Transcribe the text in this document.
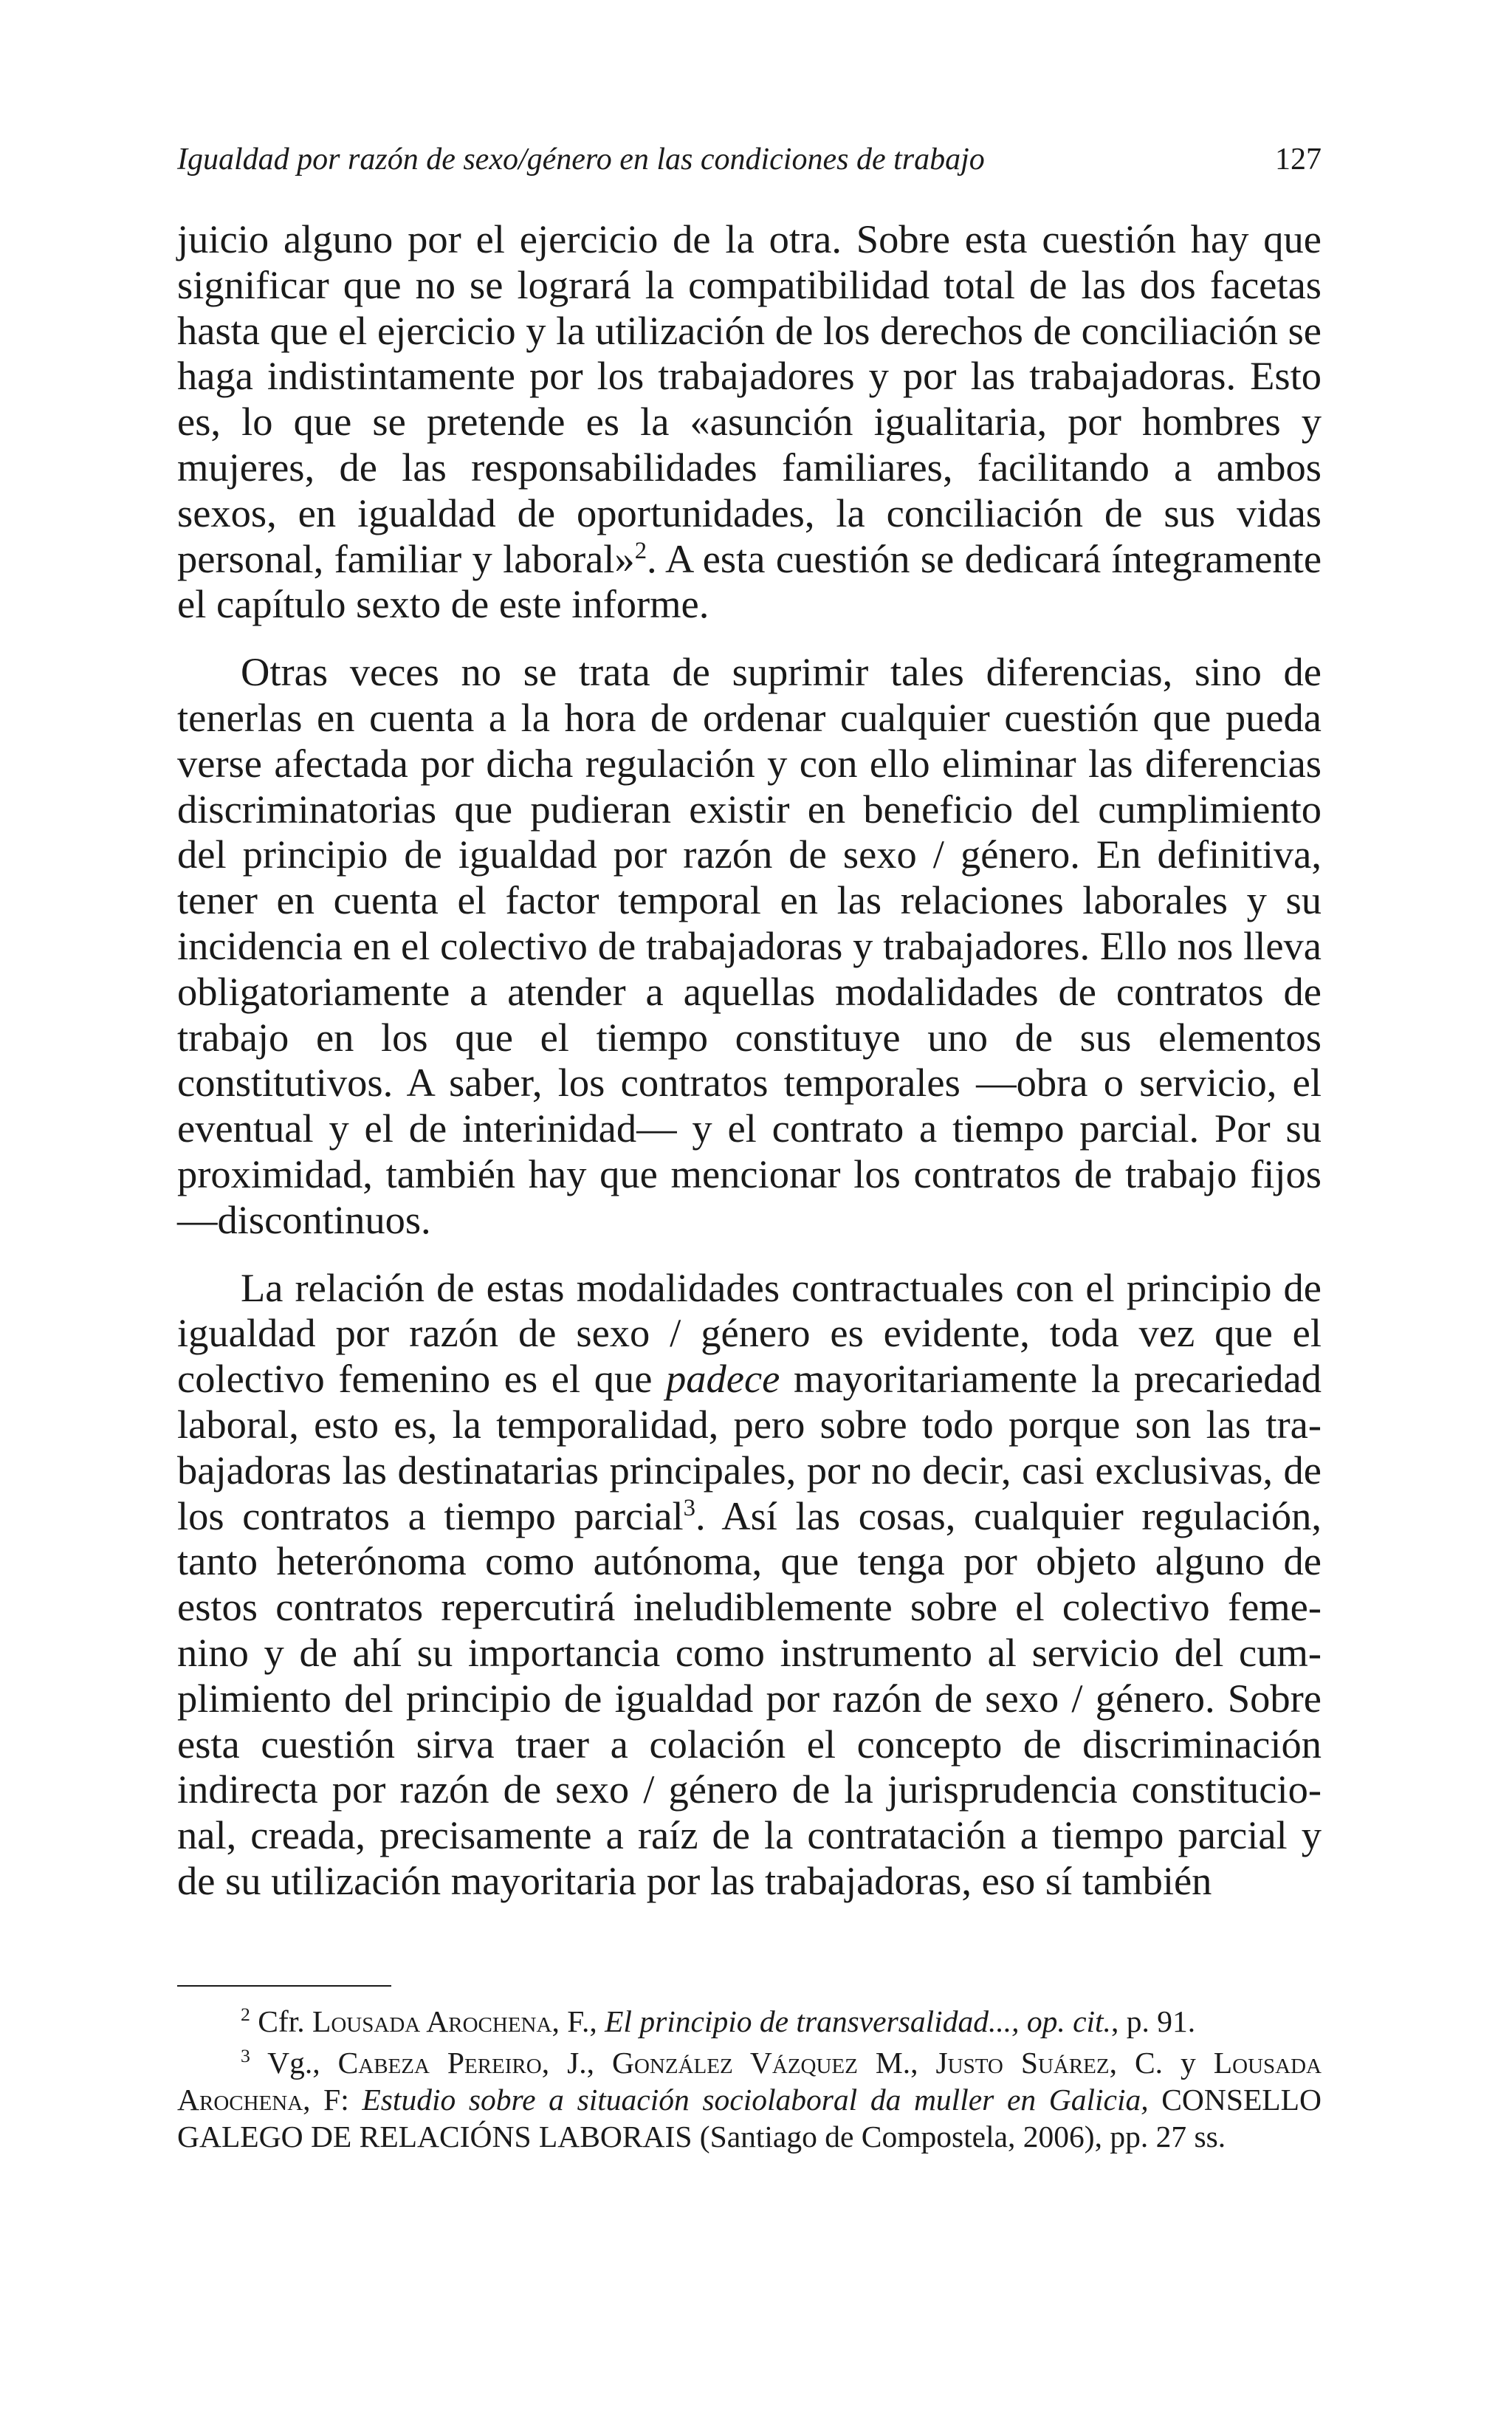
Igualdad por razón de sexo/género en las condiciones de trabajo	127

juicio alguno por el ejercicio de la otra. Sobre esta cuestión hay que significar que no se logrará la compatibilidad total de las dos facetas hasta que el ejercicio y la utilización de los derechos de conciliación se haga indistintamente por los trabajadores y por las trabajadoras. Esto es, lo que se pretende es la «asunción igualitaria, por hombres y mujeres, de las responsabilidades familiares, facilitando a ambos sexos, en igualdad de oportunidades, la conciliación de sus vidas personal, familiar y laboral»$^2$. A esta cuestión se dedicará íntegramente el capítulo sexto de este informe.

Otras veces no se trata de suprimir tales diferencias, sino de tenerlas en cuenta a la hora de ordenar cualquier cuestión que pueda verse afectada por dicha regulación y con ello eliminar las diferencias discriminatorias que pudieran existir en beneficio del cumplimiento del principio de igualdad por razón de sexo / género. En definitiva, tener en cuenta el factor temporal en las relaciones laborales y su incidencia en el colectivo de trabajadoras y trabajadores. Ello nos lleva obligatoriamente a atender a aquellas modalidades de contratos de trabajo en los que el tiempo constituye uno de sus elementos constitutivos. A saber, los contratos temporales —obra o servicio, el eventual y el de interinidad— y el contrato a tiempo parcial. Por su proximidad, también hay que mencionar los contratos de trabajo fijos—discontinuos.

La relación de estas modalidades contractuales con el principio de igualdad por razón de sexo / género es evidente, toda vez que el colectivo femenino es el que padece mayoritariamente la precariedad laboral, esto es, la temporalidad, pero sobre todo porque son las trabajadoras las destinatarias principales, por no decir, casi exclusivas, de los contratos a tiempo parcial$^3$. Así las cosas, cualquier regulación, tanto heterónoma como autónoma, que tenga por objeto alguno de estos contratos repercutirá ineludiblemente sobre el colectivo femenino y de ahí su importancia como instrumento al servicio del cumplimiento del principio de igualdad por razón de sexo / género. Sobre esta cuestión sirva traer a colación el concepto de discriminación indirecta por razón de sexo / género de la jurisprudencia constitucional, creada, precisamente a raíz de la contratación a tiempo parcial y de su utilización mayoritaria por las trabajadoras, eso sí también

$^2$ Cfr. Lousada Arochena, F., El principio de transversalidad..., op. cit., p. 91.

$^3$ Vg., Cabeza Pereiro, J., González Vázquez M., Justo Suárez, C. y Lousada Arochena, F: Estudio sobre a situación sociolaboral da muller en Galicia, CONSELLO GALEGO DE RELACIÓNS LABORAIS (Santiago de Compostela, 2006), pp. 27 ss.
